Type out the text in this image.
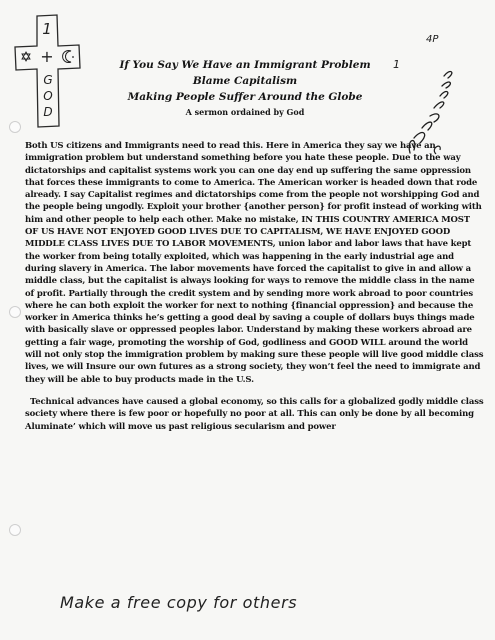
1
+
G
O
D
If You Say We Have an Immigrant Problem
Blame Capitalism
Making People Suffer Around the Globe
A sermon ordained by God
1
4P

Both US citizens and Immigrants need to read this. Here in America they say we have an immigration problem but understand something before you hate these people. Due to the way dictatorships and capitalist systems work you can one day end up suffering the same oppression that forces these immigrants to come to America. The American worker is headed down that rode already. I say Capitalist regimes and dictatorships come from the people not worshipping God and the people being ungodly. Exploit your brother {another person} for profit instead of working with him and other people to help each other. Make no mistake, IN THIS COUNTRY AMERICA MOST OF US HAVE NOT ENJOYED GOOD LIVES DUE TO CAPITALISM, WE HAVE ENJOYED GOOD MIDDLE CLASS LIVES DUE TO LABOR MOVEMENTS, union labor and labor laws that have kept the worker from being totally exploited, which was happening in the early industrial age and during slavery in America. The labor movements have forced the capitalist to give in and allow a middle class, but the capitalist is always looking for ways to remove the middle class in the name of profit. Partially through the credit system and by sending more work abroad to poor countries where he can both exploit the worker for next to nothing {financial oppression} and because the worker in America thinks he’s getting a good deal by saving a couple of dollars buys things made with basically slave or oppressed peoples labor. Understand by making these workers abroad are getting a fair wage, promoting the worship of God, godliness and GOOD WILL around the world will not only stop the immigration problem by making sure these people will live good middle class lives, we will Insure our own futures as a strong society, they won’t feel the need to immigrate and they will be able to buy products made in the U.S.

Technical advances have caused a global economy, so this calls for a globalized godly middle class society where there is few poor or hopefully no poor at all. This can only be done by all becoming Aluminate’ which will move us past religious secularism and power

Make a free copy for others
